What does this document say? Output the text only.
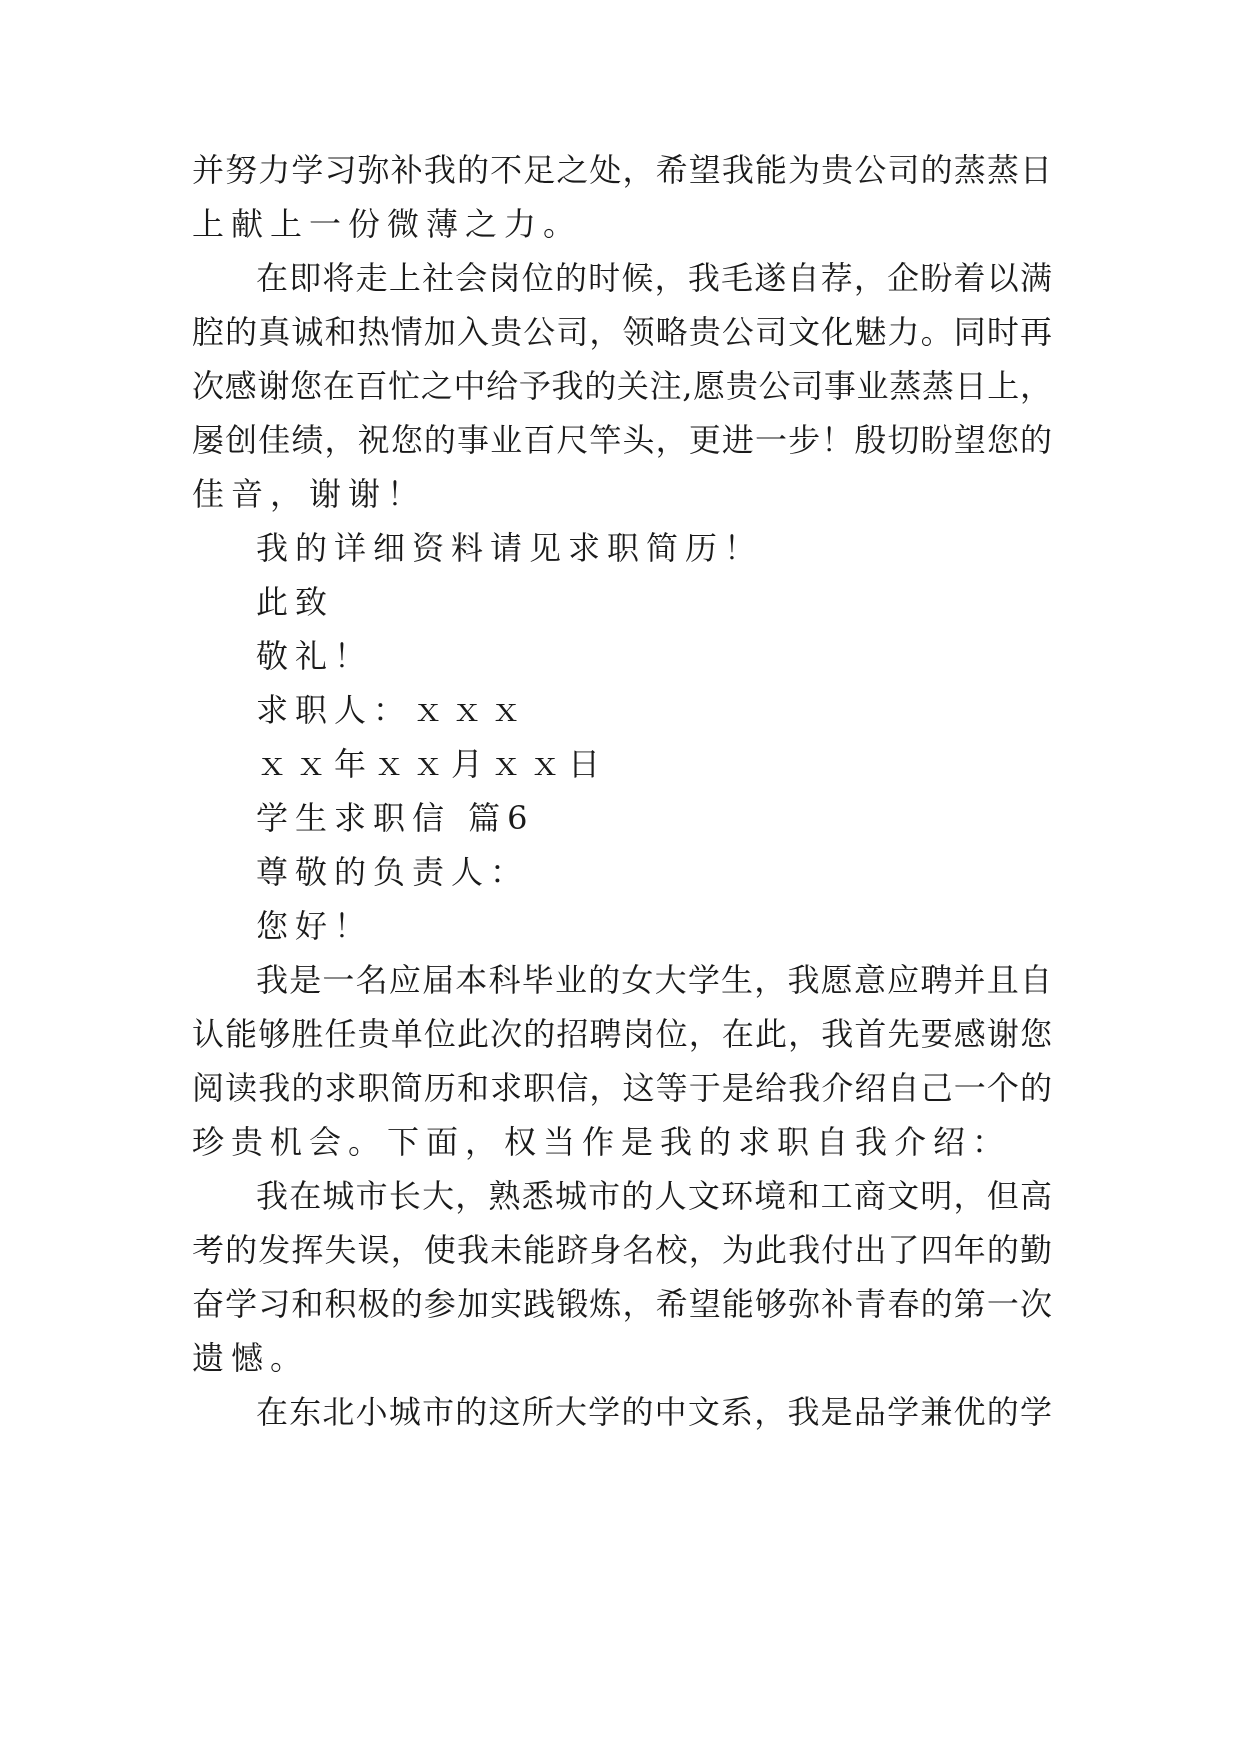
并努力学习弥补我的不足之处，希望我能为贵公司的蒸蒸日
上献上一份微薄之力。
在即将走上社会岗位的时候，我毛遂自荐，企盼着以满
腔的真诚和热情加入贵公司，领略贵公司文化魅力。同时再
次感谢您在百忙之中给予我的关注,愿贵公司事业蒸蒸日上，
屡创佳绩，祝您的事业百尺竿头，更进一步！殷切盼望您的
佳音，谢谢！
我的详细资料请见求职简历！
此致
敬礼！
求职人：ｘｘｘ
ｘｘ年ｘｘ月ｘｘ日
学生求职信 篇6
尊敬的负责人：
您好！
我是一名应届本科毕业的女大学生，我愿意应聘并且自
认能够胜任贵单位此次的招聘岗位，在此，我首先要感谢您
阅读我的求职简历和求职信，这等于是给我介绍自己一个的
珍贵机会。下面，权当作是我的求职自我介绍：
我在城市长大，熟悉城市的人文环境和工商文明，但高
考的发挥失误，使我未能跻身名校，为此我付出了四年的勤
奋学习和积极的参加实践锻炼，希望能够弥补青春的第一次
遗憾。
在东北小城市的这所大学的中文系，我是品学兼优的学
